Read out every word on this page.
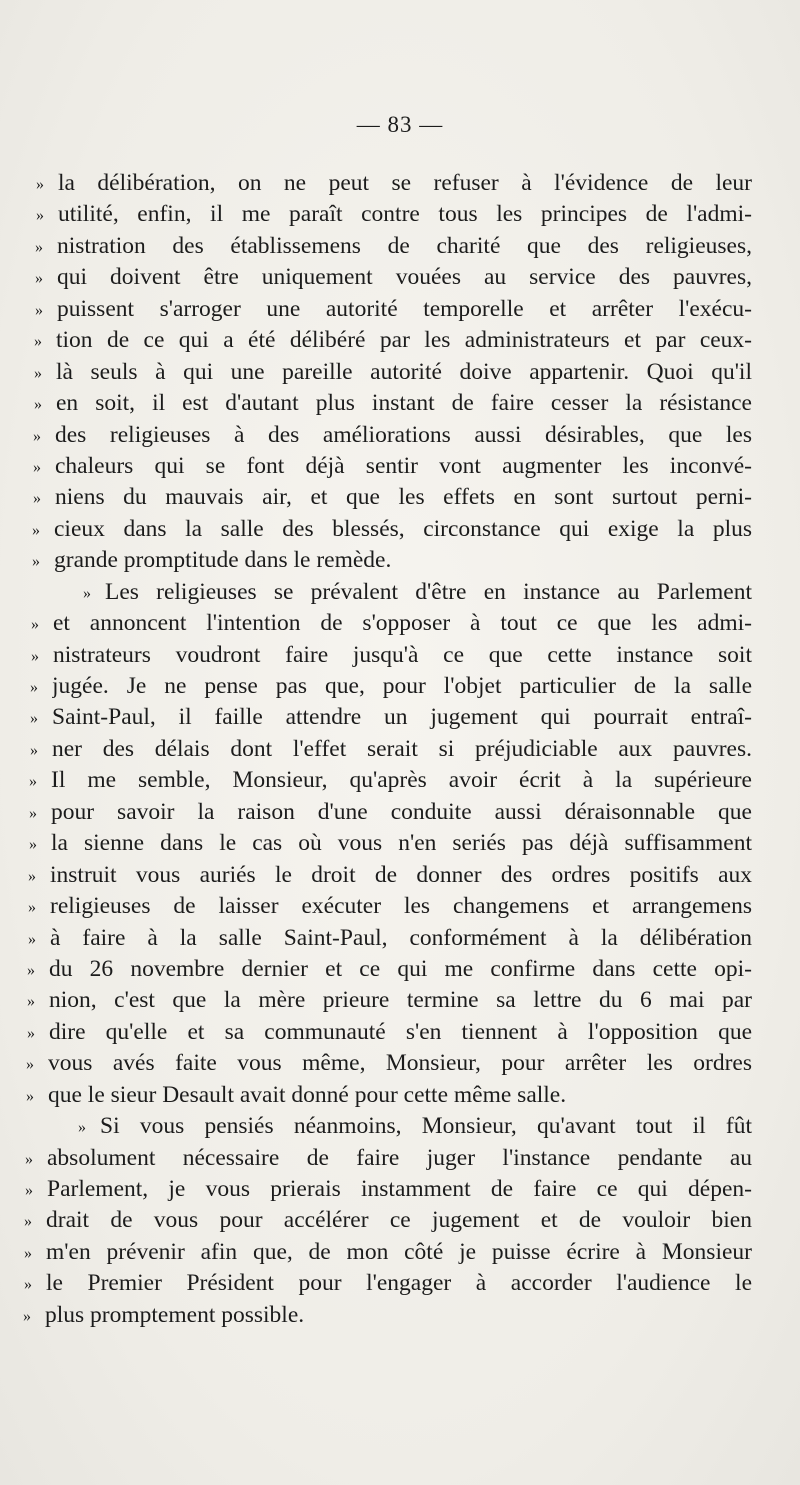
— 83 —
» la délibération, on ne peut se refuser à l'évidence de leur
» utilité, enfin, il me paraît contre tous les principes de l'admi-
» nistration des établissemens de charité que des religieuses,
» qui doivent être uniquement vouées au service des pauvres,
» puissent s'arroger une autorité temporelle et arrêter l'exécu-
» tion de ce qui a été délibéré par les administrateurs et par ceux-
» là seuls à qui une pareille autorité doive appartenir. Quoi qu'il
» en soit, il est d'autant plus instant de faire cesser la résistance
» des religieuses à des améliorations aussi désirables, que les
» chaleurs qui se font déjà sentir vont augmenter les inconvé-
» niens du mauvais air, et que les effets en sont surtout perni-
» cieux dans la salle des blessés, circonstance qui exige la plus
» grande promptitude dans le remède.
» Les religieuses se prévalent d'être en instance au Parlement
» et annoncent l'intention de s'opposer à tout ce que les admi-
» nistrateurs voudront faire jusqu'à ce que cette instance soit
» jugée. Je ne pense pas que, pour l'objet particulier de la salle
» Saint-Paul, il faille attendre un jugement qui pourrait entraî-
» ner des délais dont l'effet serait si préjudiciable aux pauvres.
» Il me semble, Monsieur, qu'après avoir écrit à la supérieure
» pour savoir la raison d'une conduite aussi déraisonnable que
» la sienne dans le cas où vous n'en seriés pas déjà suffisamment
» instruit vous auriés le droit de donner des ordres positifs aux
» religieuses de laisser exécuter les changemens et arrangemens
» à faire à la salle Saint-Paul, conformément à la délibération
» du 26 novembre dernier et ce qui me confirme dans cette opi-
» nion, c'est que la mère prieure termine sa lettre du 6 mai par
» dire qu'elle et sa communauté s'en tiennent à l'opposition que
» vous avés faite vous même, Monsieur, pour arrêter les ordres
» que le sieur Desault avait donné pour cette même salle.
» Si vous pensiés néanmoins, Monsieur, qu'avant tout il fût
» absolument nécessaire de faire juger l'instance pendante au
» Parlement, je vous prierais instamment de faire ce qui dépen-
» drait de vous pour accélérer ce jugement et de vouloir bien
» m'en prévenir afin que, de mon côté je puisse écrire à Monsieur
» le Premier Président pour l'engager à accorder l'audience le
» plus promptement possible.
